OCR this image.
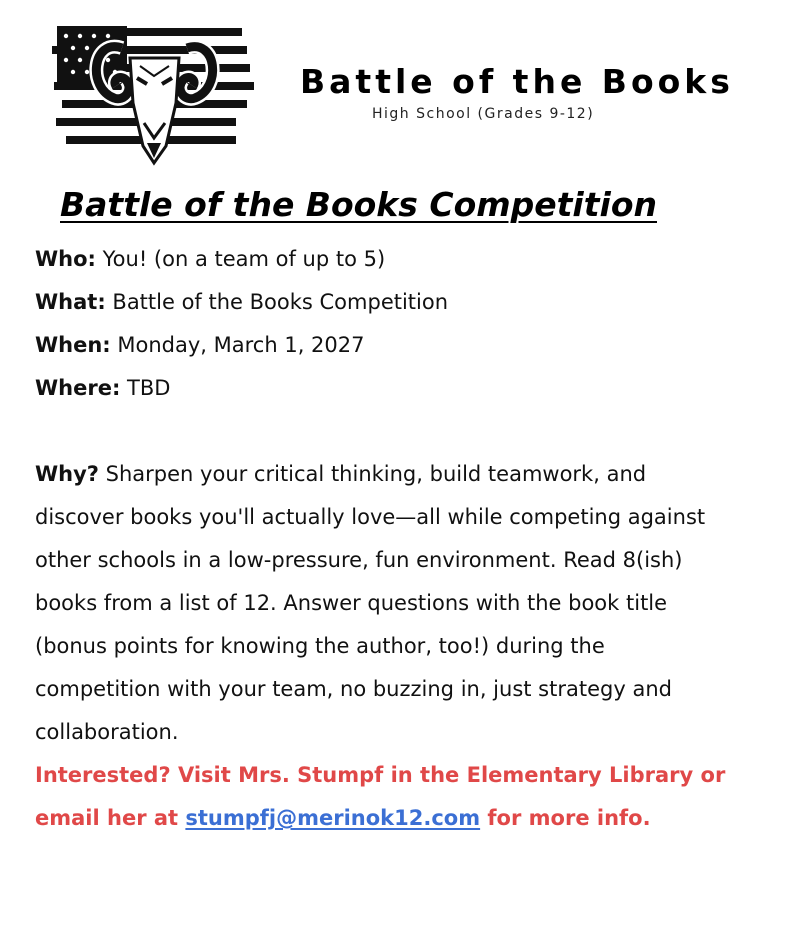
Battle of the Books
High School (Grades 9-12)
Battle of the Books Competition
Who: You! (on a team of up to 5)
What: Battle of the Books Competition
When: Monday, March 1, 2027
Where: TBD
Why? Sharpen your critical thinking, build teamwork, and discover books you'll actually love—all while competing against other schools in a low-pressure, fun environment. Read 8(ish) books from a list of 12. Answer questions with the book title (bonus points for knowing the author, too!) during the competition with your team, no buzzing in, just strategy and collaboration.
Interested? Visit Mrs. Stumpf in the Elementary Library or email her at stumpfj@merinok12.com for more info.
